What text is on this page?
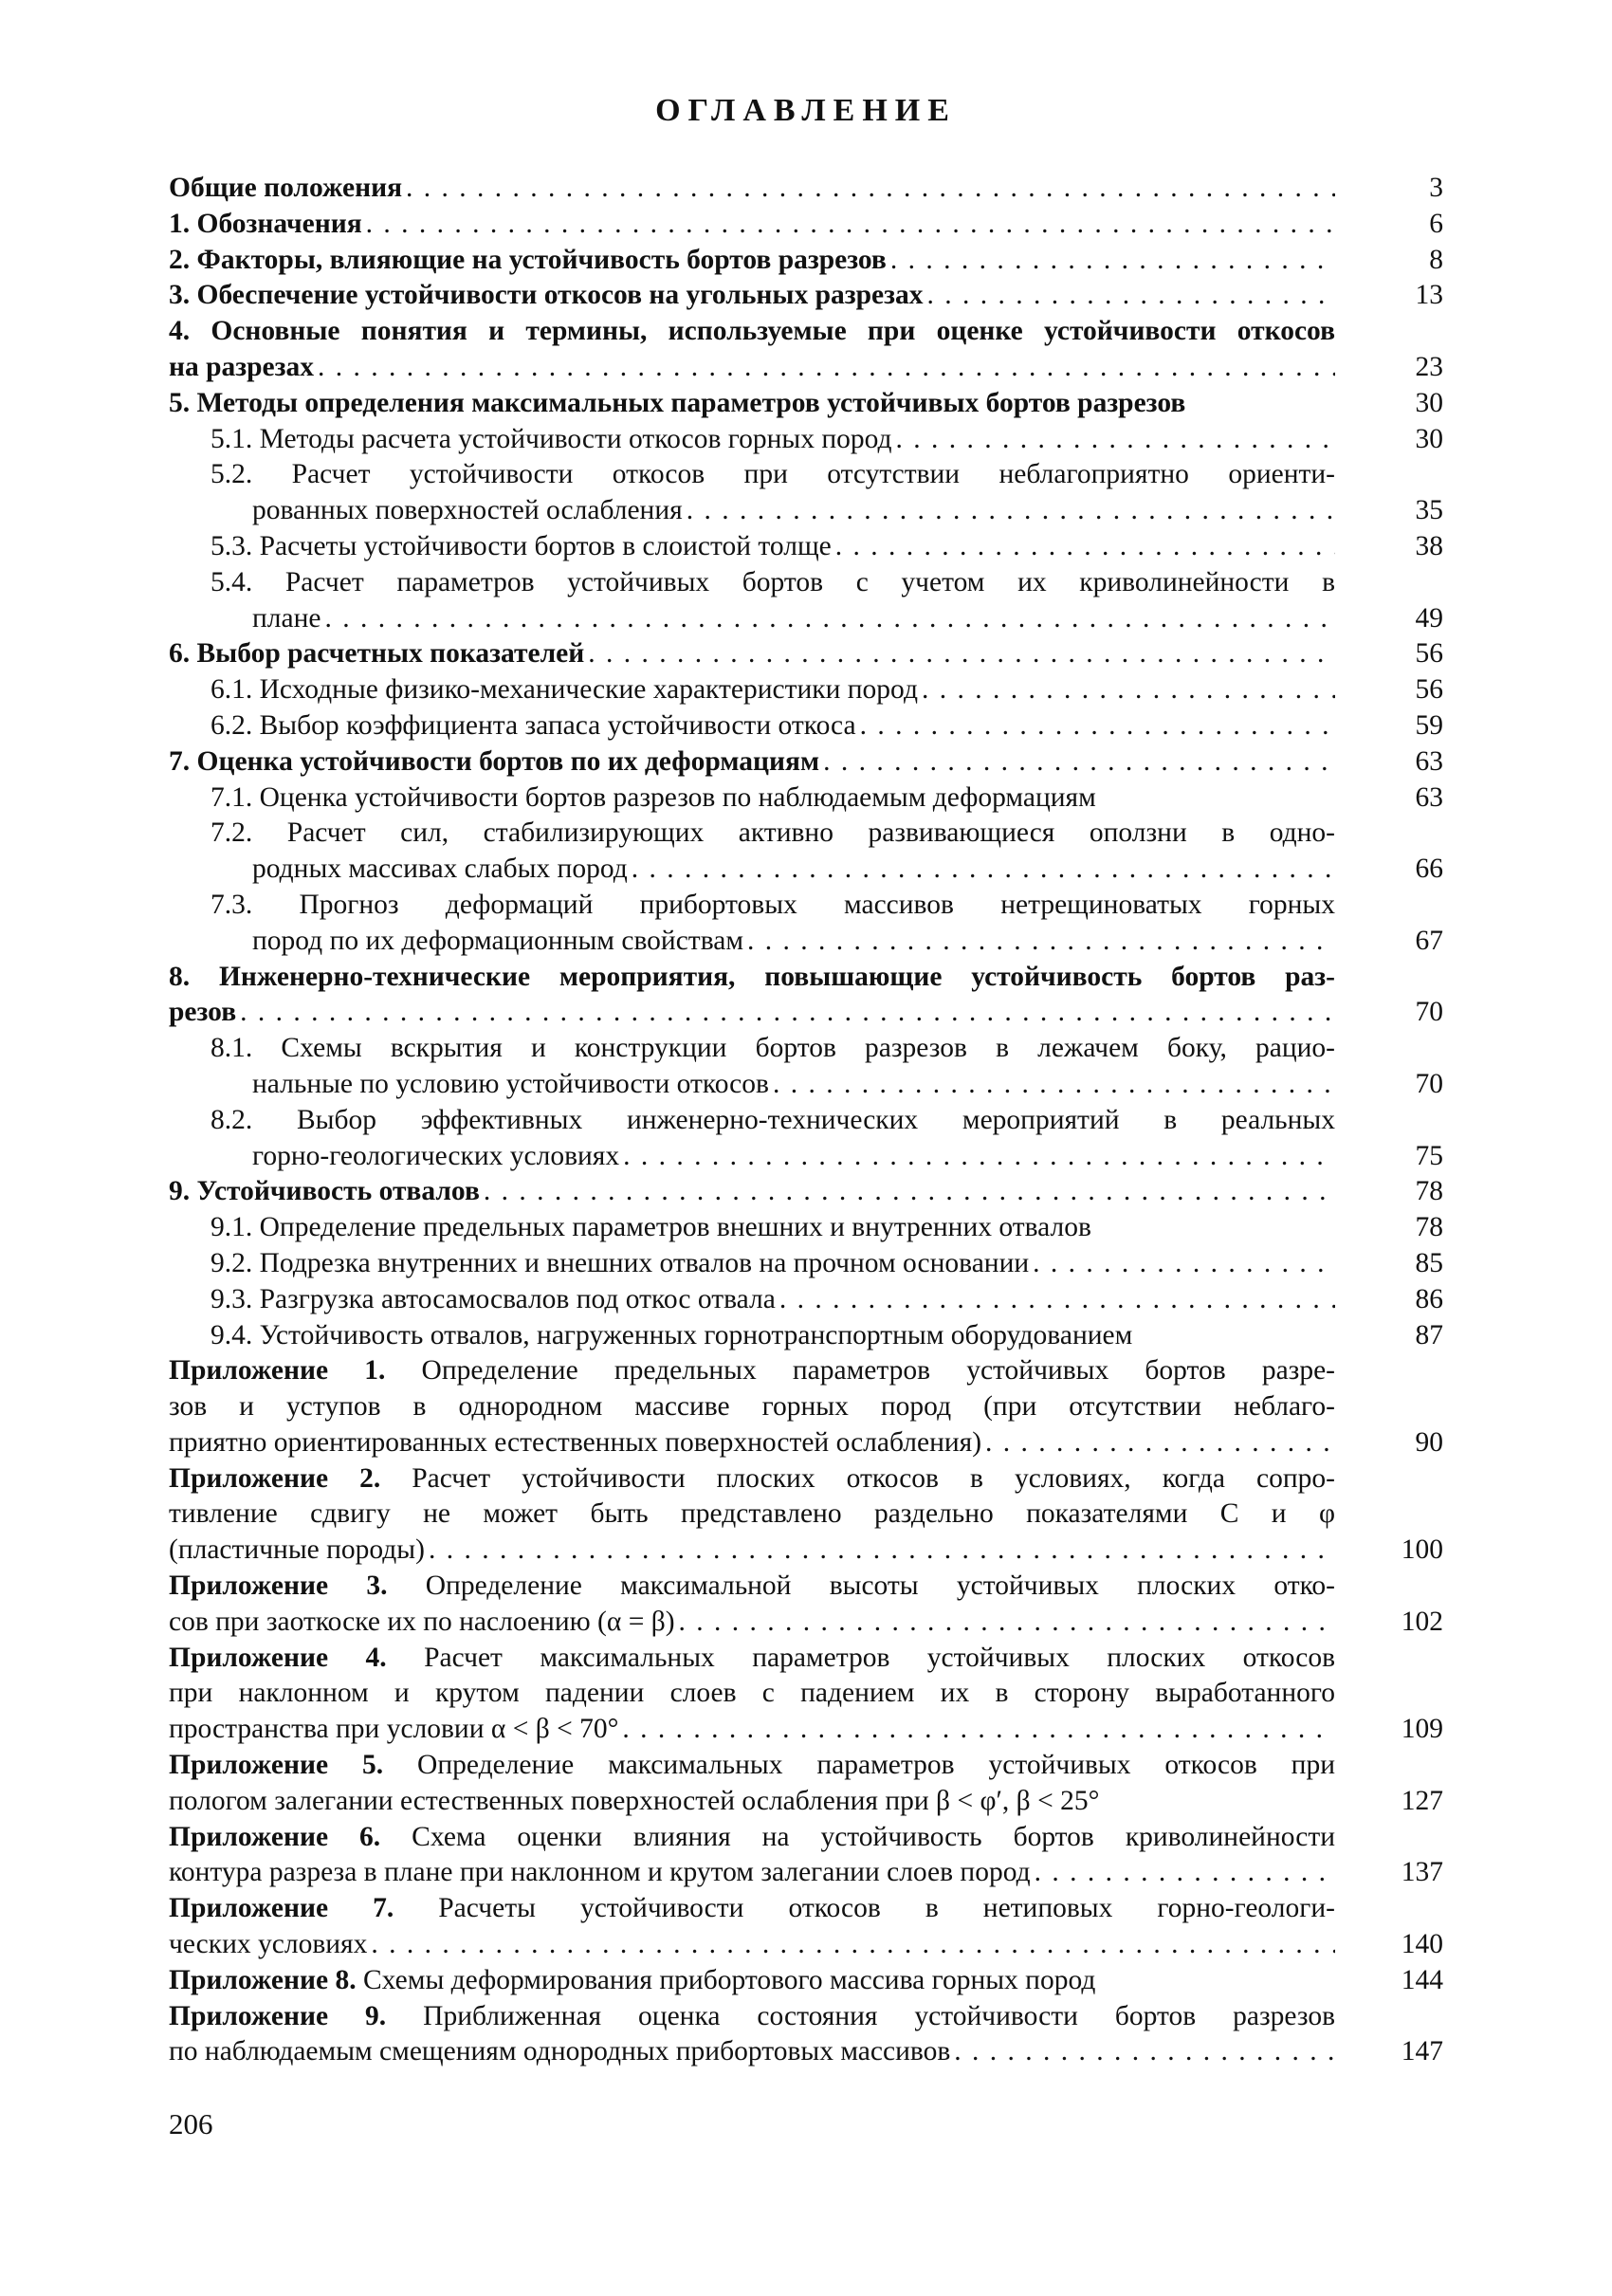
ОГЛАВЛЕНИЕ
Общие положения . . .	3
1. Обозначения . . .	6
2. Факторы, влияющие на устойчивость бортов разрезов . . .	8
3. Обеспечение устойчивости откосов на угольных разрезах . . .	13
4. Основные понятия и термины, используемые при оценке устойчивости откосов
на разрезах . . .	23
5. Методы определения максимальных параметров устойчивых бортов разрезов	30
5.1. Методы расчета устойчивости откосов горных пород . . .	30
5.2. Расчет устойчивости откосов при отсутствии неблагоприятно ориенти-
рованных поверхностей ослабления . . .	35
5.3. Расчеты устойчивости бортов в слоистой толще . . .	38
5.4. Расчет параметров устойчивых бортов с учетом их криволинейности в
плане . . .	49
6. Выбор расчетных показателей . . .	56
6.1. Исходные физико-механические характеристики пород . . .	56
6.2. Выбор коэффициента запаса устойчивости откоса . . .	59
7. Оценка устойчивости бортов по их деформациям . . .	63
7.1. Оценка устойчивости бортов разрезов по наблюдаемым деформациям	63
7.2. Расчет сил, стабилизирующих активно развивающиеся оползни в одно-
родных массивах слабых пород . . .	66
7.3. Прогноз деформаций прибортовых массивов нетрещиноватых горных
пород по их деформационным свойствам . . .	67
8. Инженерно-технические мероприятия, повышающие устойчивость бортов раз-
резов . . .	70
8.1. Схемы вскрытия и конструкции бортов разрезов в лежачем боку, рацио-
нальные по условию устойчивости откосов . . .	70
8.2. Выбор эффективных инженерно-технических мероприятий в реальных
горно-геологических условиях . . .	75
9. Устойчивость отвалов . . .	78
9.1. Определение предельных параметров внешних и внутренних отвалов	78
9.2. Подрезка внутренних и внешних отвалов на прочном основании . . .	85
9.3. Разгрузка автосамосвалов под откос отвала . . .	86
9.4. Устойчивость отвалов, нагруженных горнотранспортным оборудованием	87
Приложение 1. Определение предельных параметров устойчивых бортов разре-
зов и уступов в однородном массиве горных пород (при отсутствии неблаго-
приятно ориентированных естественных поверхностей ослабления) . . .	90
Приложение 2. Расчет устойчивости плоских откосов в условиях, когда сопро-
тивление сдвигу не может быть представлено раздельно показателями C и φ
(пластичные породы) . . .	100
Приложение 3. Определение максимальной высоты устойчивых плоских отко-
сов при заоткоске их по наслоению (α = β) . . .	102
Приложение 4. Расчет максимальных параметров устойчивых плоских откосов
при наклонном и крутом падении слоев с падением их в сторону выработанного
пространства при условии α < β < 70° . . .	109
Приложение 5. Определение максимальных параметров устойчивых откосов при
пологом залегании естественных поверхностей ослабления при β < φ′, β < 25°	127
Приложение 6. Схема оценки влияния на устойчивость бортов криволинейности
контура разреза в плане при наклонном и крутом залегании слоев пород . . .	137
Приложение 7. Расчеты устойчивости откосов в нетиповых горно-геологи-
ческих условиях . . .	140
Приложение 8. Схемы деформирования прибортового массива горных пород	144
Приложение 9. Приближенная оценка состояния устойчивости бортов разрезов
по наблюдаемым смещениям однородных прибортовых массивов . . .	147
206
